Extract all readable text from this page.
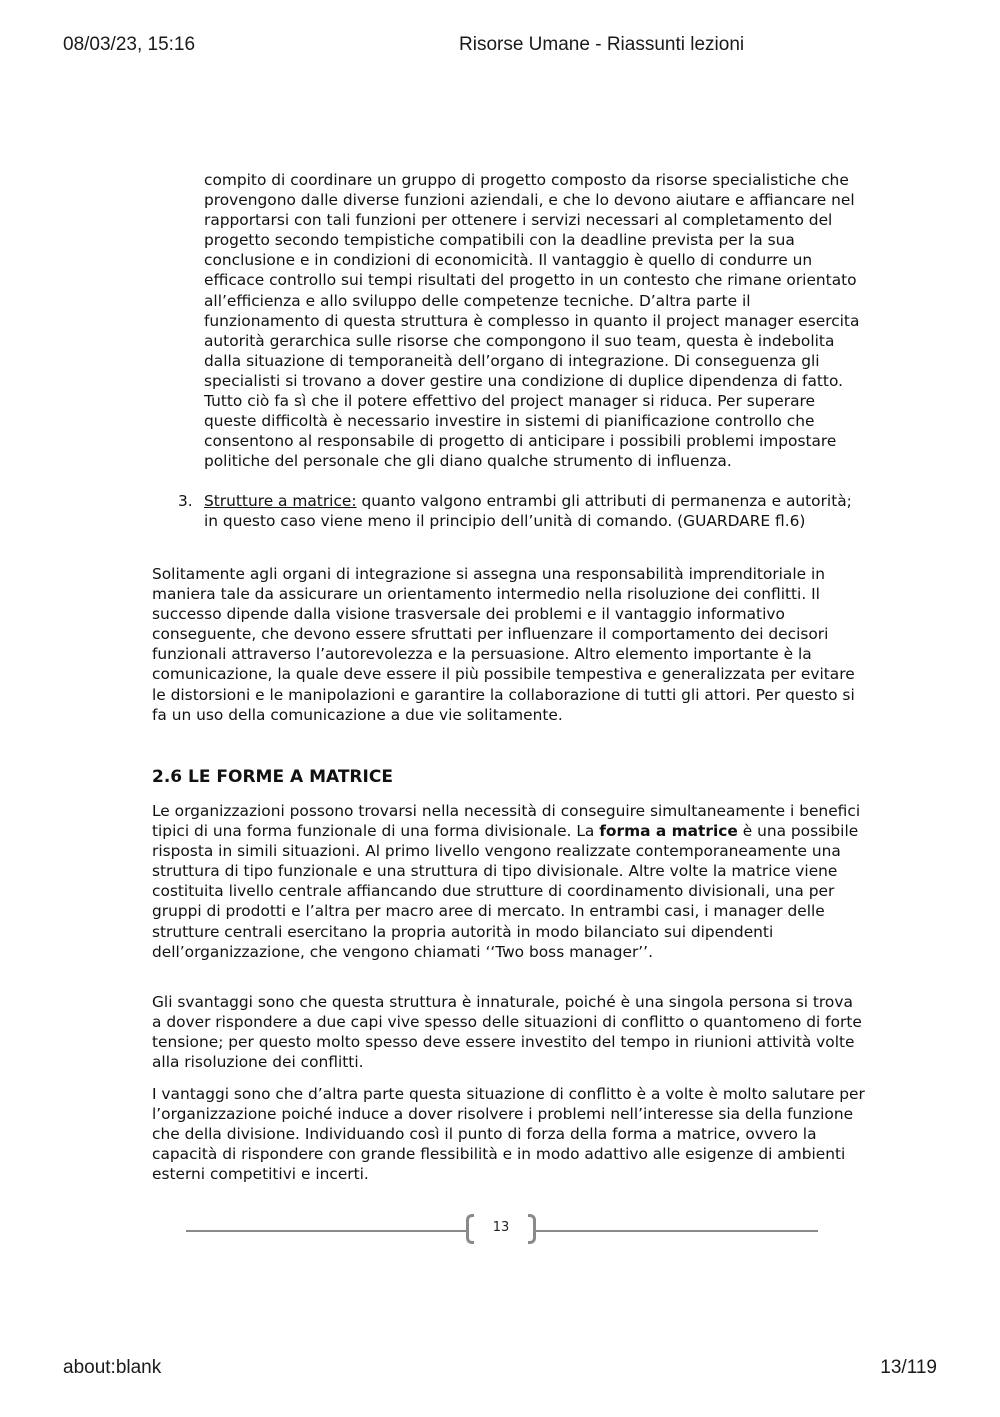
08/03/23, 15:16	Risorse Umane - Riassunti lezioni

compito di coordinare un gruppo di progetto composto da risorse specialistiche che provengono dalle diverse funzioni aziendali, e che lo devono aiutare e affiancare nel rapportarsi con tali funzioni per ottenere i servizi necessari al completamento del progetto secondo tempistiche compatibili con la deadline prevista per la sua conclusione e in condizioni di economicità. Il vantaggio è quello di condurre un efficace controllo sui tempi risultati del progetto in un contesto che rimane orientato all’efficienza e allo sviluppo delle competenze tecniche. D’altra parte il funzionamento di questa struttura è complesso in quanto il project manager esercita autorità gerarchica sulle risorse che compongono il suo team, questa è indebolita dalla situazione di temporaneità dell’organo di integrazione. Di conseguenza gli specialisti si trovano a dover gestire una condizione di duplice dipendenza di fatto. Tutto ciò fa sì che il potere effettivo del project manager si riduca. Per superare queste difficoltà è necessario investire in sistemi di pianificazione controllo che consentono al responsabile di progetto di anticipare i possibili problemi impostare politiche del personale che gli diano qualche strumento di influenza.

3. Strutture a matrice: quanto valgono entrambi gli attributi di permanenza e autorità; in questo caso viene meno il principio dell’unità di comando. (GUARDARE fl.6)

Solitamente agli organi di integrazione si assegna una responsabilità imprenditoriale in maniera tale da assicurare un orientamento intermedio nella risoluzione dei conflitti. Il successo dipende dalla visione trasversale dei problemi e il vantaggio informativo conseguente, che devono essere sfruttati per influenzare il comportamento dei decisori funzionali attraverso l’autorevolezza e la persuasione. Altro elemento importante è la comunicazione, la quale deve essere il più possibile tempestiva e generalizzata per evitare le distorsioni e le manipolazioni e garantire la collaborazione di tutti gli attori. Per questo si fa un uso della comunicazione a due vie solitamente.

2.6 LE FORME A MATRICE

Le organizzazioni possono trovarsi nella necessità di conseguire simultaneamente i benefici tipici di una forma funzionale di una forma divisionale. La forma a matrice è una possibile risposta in simili situazioni. Al primo livello vengono realizzate contemporaneamente una struttura di tipo funzionale e una struttura di tipo divisionale. Altre volte la matrice viene costituita livello centrale affiancando due strutture di coordinamento divisionali, una per gruppi di prodotti e l’altra per macro aree di mercato. In entrambi casi, i manager delle strutture centrali esercitano la propria autorità in modo bilanciato sui dipendenti dell’organizzazione, che vengono chiamati ‘‘Two boss manager’’.

Gli svantaggi sono che questa struttura è innaturale, poiché è una singola persona si trova a dover rispondere a due capi vive spesso delle situazioni di conflitto o quantomeno di forte tensione; per questo molto spesso deve essere investito del tempo in riunioni attività volte alla risoluzione dei conflitti.

I vantaggi sono che d’altra parte questa situazione di conflitto è a volte è molto salutare per l’organizzazione poiché induce a dover risolvere i problemi nell’interesse sia della funzione che della divisione. Individuando così il punto di forza della forma a matrice, ovvero la capacità di rispondere con grande flessibilità e in modo adattivo alle esigenze di ambienti esterni competitivi e incerti.

13
about:blank	13/119
